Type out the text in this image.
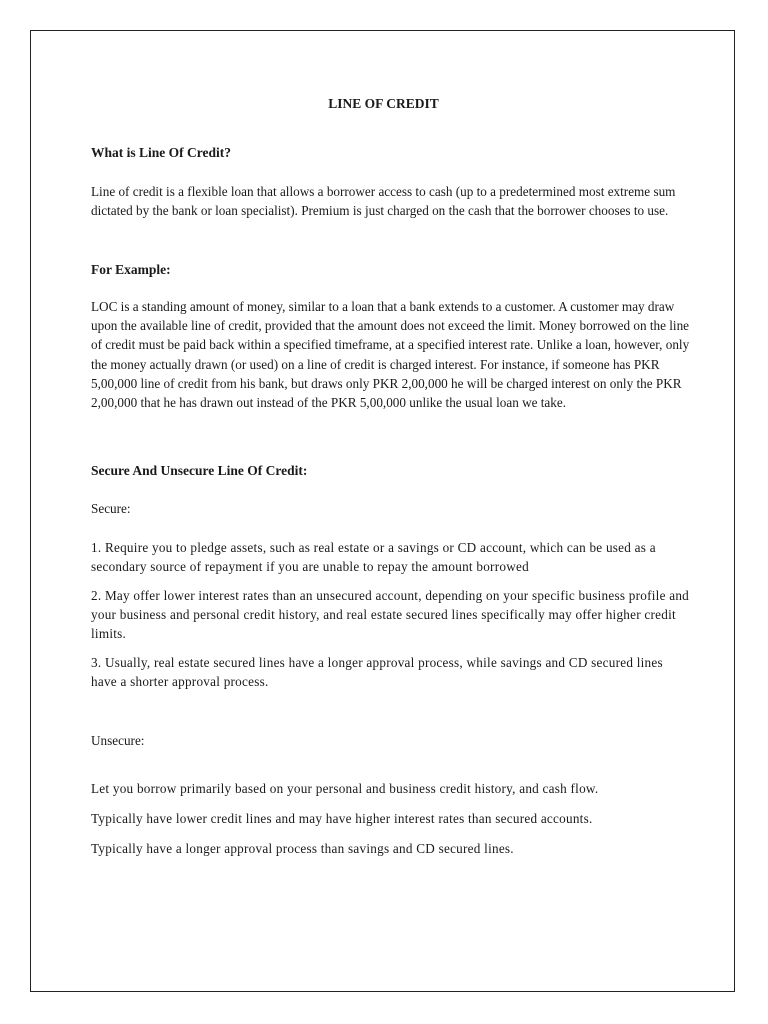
LINE OF CREDIT
What is Line Of Credit?

Line of credit is a flexible loan that allows a borrower access to cash (up to a predetermined most extreme sum dictated by the bank or loan specialist). Premium is just charged on the cash that the borrower chooses to use.

For Example:

LOC is a standing amount of money, similar to a loan that a bank extends to a customer. A customer may draw upon the available line of credit, provided that the amount does not exceed the limit. Money borrowed on the line of credit must be paid back within a specified timeframe, at a specified interest rate. Unlike a loan, however, only the money actually drawn (or used) on a line of credit is charged interest. For instance, if someone has PKR 5,00,000 line of credit from his bank, but draws only PKR 2,00,000 he will be charged interest on only the PKR 2,00,000 that he has drawn out instead of the PKR 5,00,000 unlike the usual loan we take.

Secure And Unsecure Line Of Credit:

Secure:

1. Require you to pledge assets, such as real estate or a savings or CD account, which can be used as a secondary source of repayment if you are unable to repay the amount borrowed

2. May offer lower interest rates than an unsecured account, depending on your specific business profile and your business and personal credit history, and real estate secured lines specifically may offer higher credit limits.

3. Usually, real estate secured lines have a longer approval process, while savings and CD secured lines have a shorter approval process.

Unsecure:

Let you borrow primarily based on your personal and business credit history, and cash flow.

Typically have lower credit lines and may have higher interest rates than secured accounts.

Typically have a longer approval process than savings and CD secured lines.
